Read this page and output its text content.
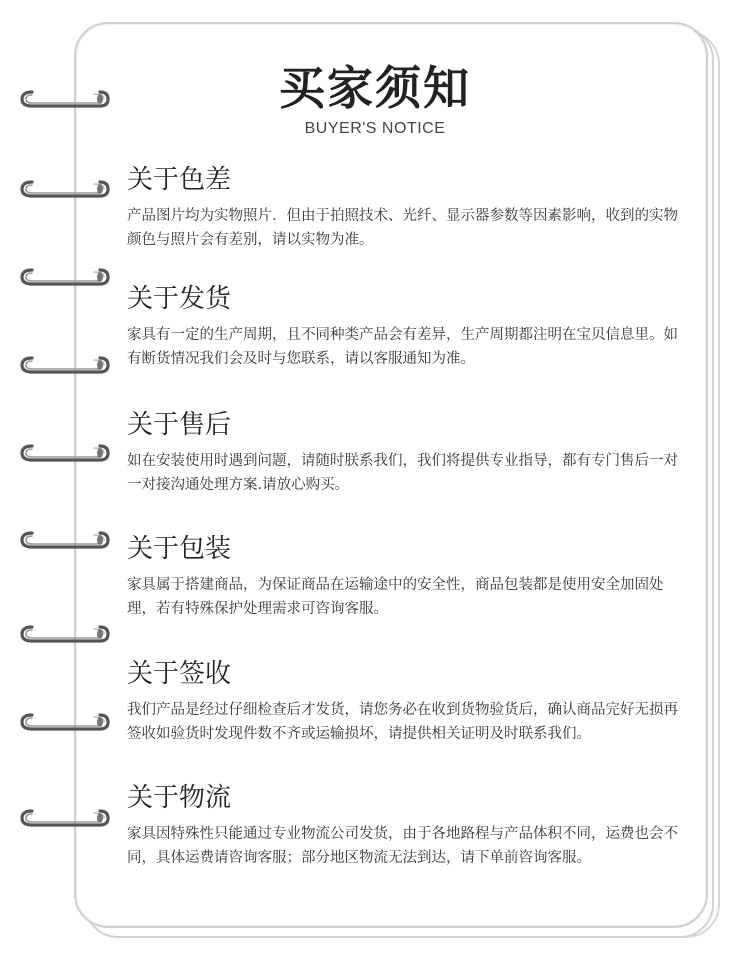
买家须知
BUYER'S NOTICE
关于色差
产品图片均为实物照片．但由于拍照技术、光纤、显示器参数等因素影响，收到的实物颜色与照片会有差别，请以实物为准。
关于发货
家具有一定的生产周期，且不同种类产品会有差异，生产周期都注明在宝贝信息里。如有断货情况我们会及时与您联系，请以客服通知为准。
关于售后
如在安装使用时遇到问题，请随时朕系我们，我们将提供专业指导，都有专门售后一对一对接沟通处理方案.请放心购买。
关于包装
家具属于搭建商品，为保证商品在运输途中的安全性，商品包装都是使用安全加固处理，若有特殊保护处理需求可咨询客服。
关于签收
我们产品是经过仔细检查后才发货，请您务必在收到货物验货后，确认商品完好无损再签收如验货时发现件数不齐或运输损坏，请提供相关证明及时联系我们。
关于物流
家具因特殊性只能通过专业物流公司发货，由于各地路程与产品体积不同，运费也会不同，具体运费请咨询客服；部分地区物流无法到达，请下单前咨询客服。
